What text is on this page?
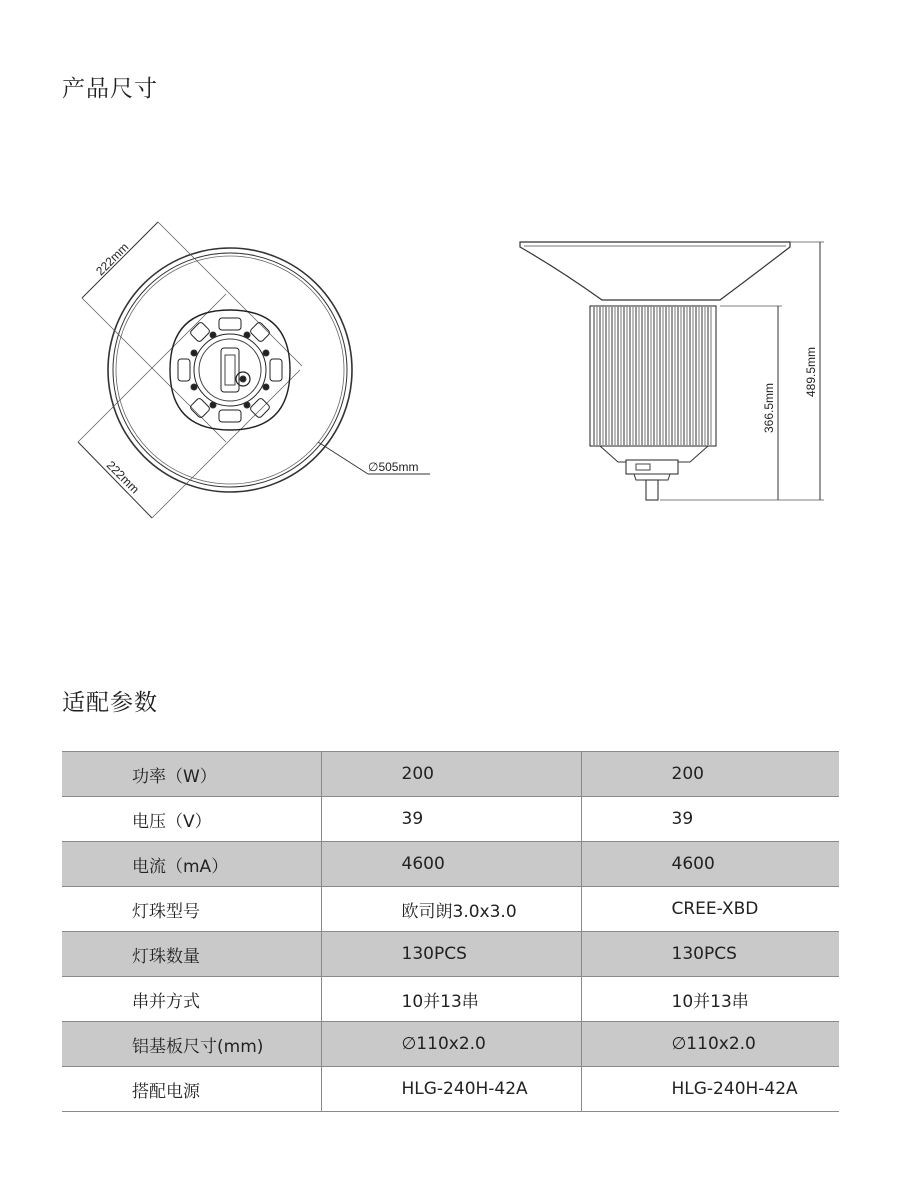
产品尺寸
222mm
222mm	∅505mm
366.5mm
489.5mm
适配参数
功率（W）	200	200
电压（V）	39	39
电流（mA）	4600	4600
灯珠型号	欧司朗3.0x3.0	CREE-XBD
灯珠数量	130PCS	130PCS
串并方式	10并13串	10并13串
铝基板尺寸(mm)	∅110x2.0	∅110x2.0
搭配电源	HLG-240H-42A	HLG-240H-42A
